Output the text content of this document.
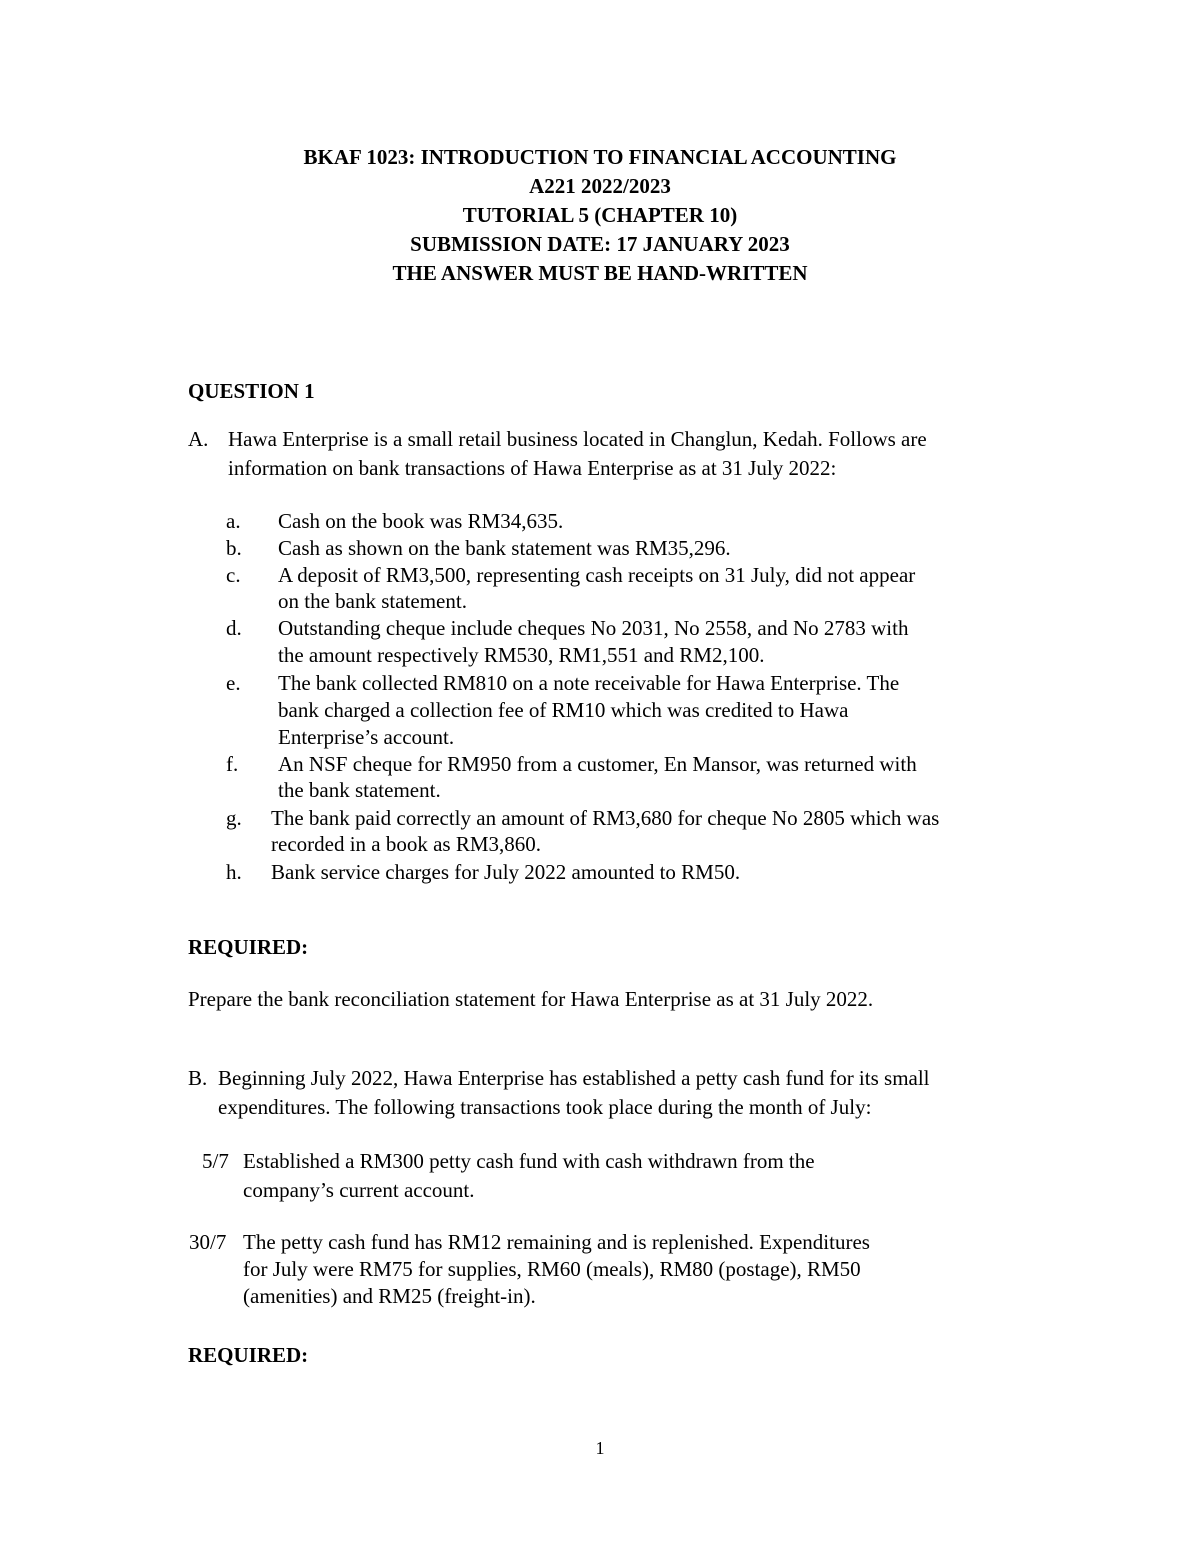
BKAF 1023: INTRODUCTION TO FINANCIAL ACCOUNTING
A221 2022/2023
TUTORIAL 5 (CHAPTER 10)
SUBMISSION DATE: 17 JANUARY 2023
THE ANSWER MUST BE HAND-WRITTEN
QUESTION 1
A. Hawa Enterprise is a small retail business located in Changlun, Kedah. Follows are
information on bank transactions of Hawa Enterprise as at 31 July 2022:
a. Cash on the book was RM34,635.
b. Cash as shown on the bank statement was RM35,296.
c. A deposit of RM3,500, representing cash receipts on 31 July, did not appear
on the bank statement.
d. Outstanding cheque include cheques No 2031, No 2558, and No 2783 with
the amount respectively RM530, RM1,551 and RM2,100.
e. The bank collected RM810 on a note receivable for Hawa Enterprise. The
bank charged a collection fee of RM10 which was credited to Hawa
Enterprise’s account.
f. An NSF cheque for RM950 from a customer, En Mansor, was returned with
the bank statement.
g. The bank paid correctly an amount of RM3,680 for cheque No 2805 which was
recorded in a book as RM3,860.
h. Bank service charges for July 2022 amounted to RM50.
REQUIRED:
Prepare the bank reconciliation statement for Hawa Enterprise as at 31 July 2022.
B. Beginning July 2022, Hawa Enterprise has established a petty cash fund for its small
expenditures. The following transactions took place during the month of July:
5/7 Established a RM300 petty cash fund with cash withdrawn from the
company’s current account.
30/7 The petty cash fund has RM12 remaining and is replenished. Expenditures
for July were RM75 for supplies, RM60 (meals), RM80 (postage), RM50
(amenities) and RM25 (freight-in).
REQUIRED:
1
